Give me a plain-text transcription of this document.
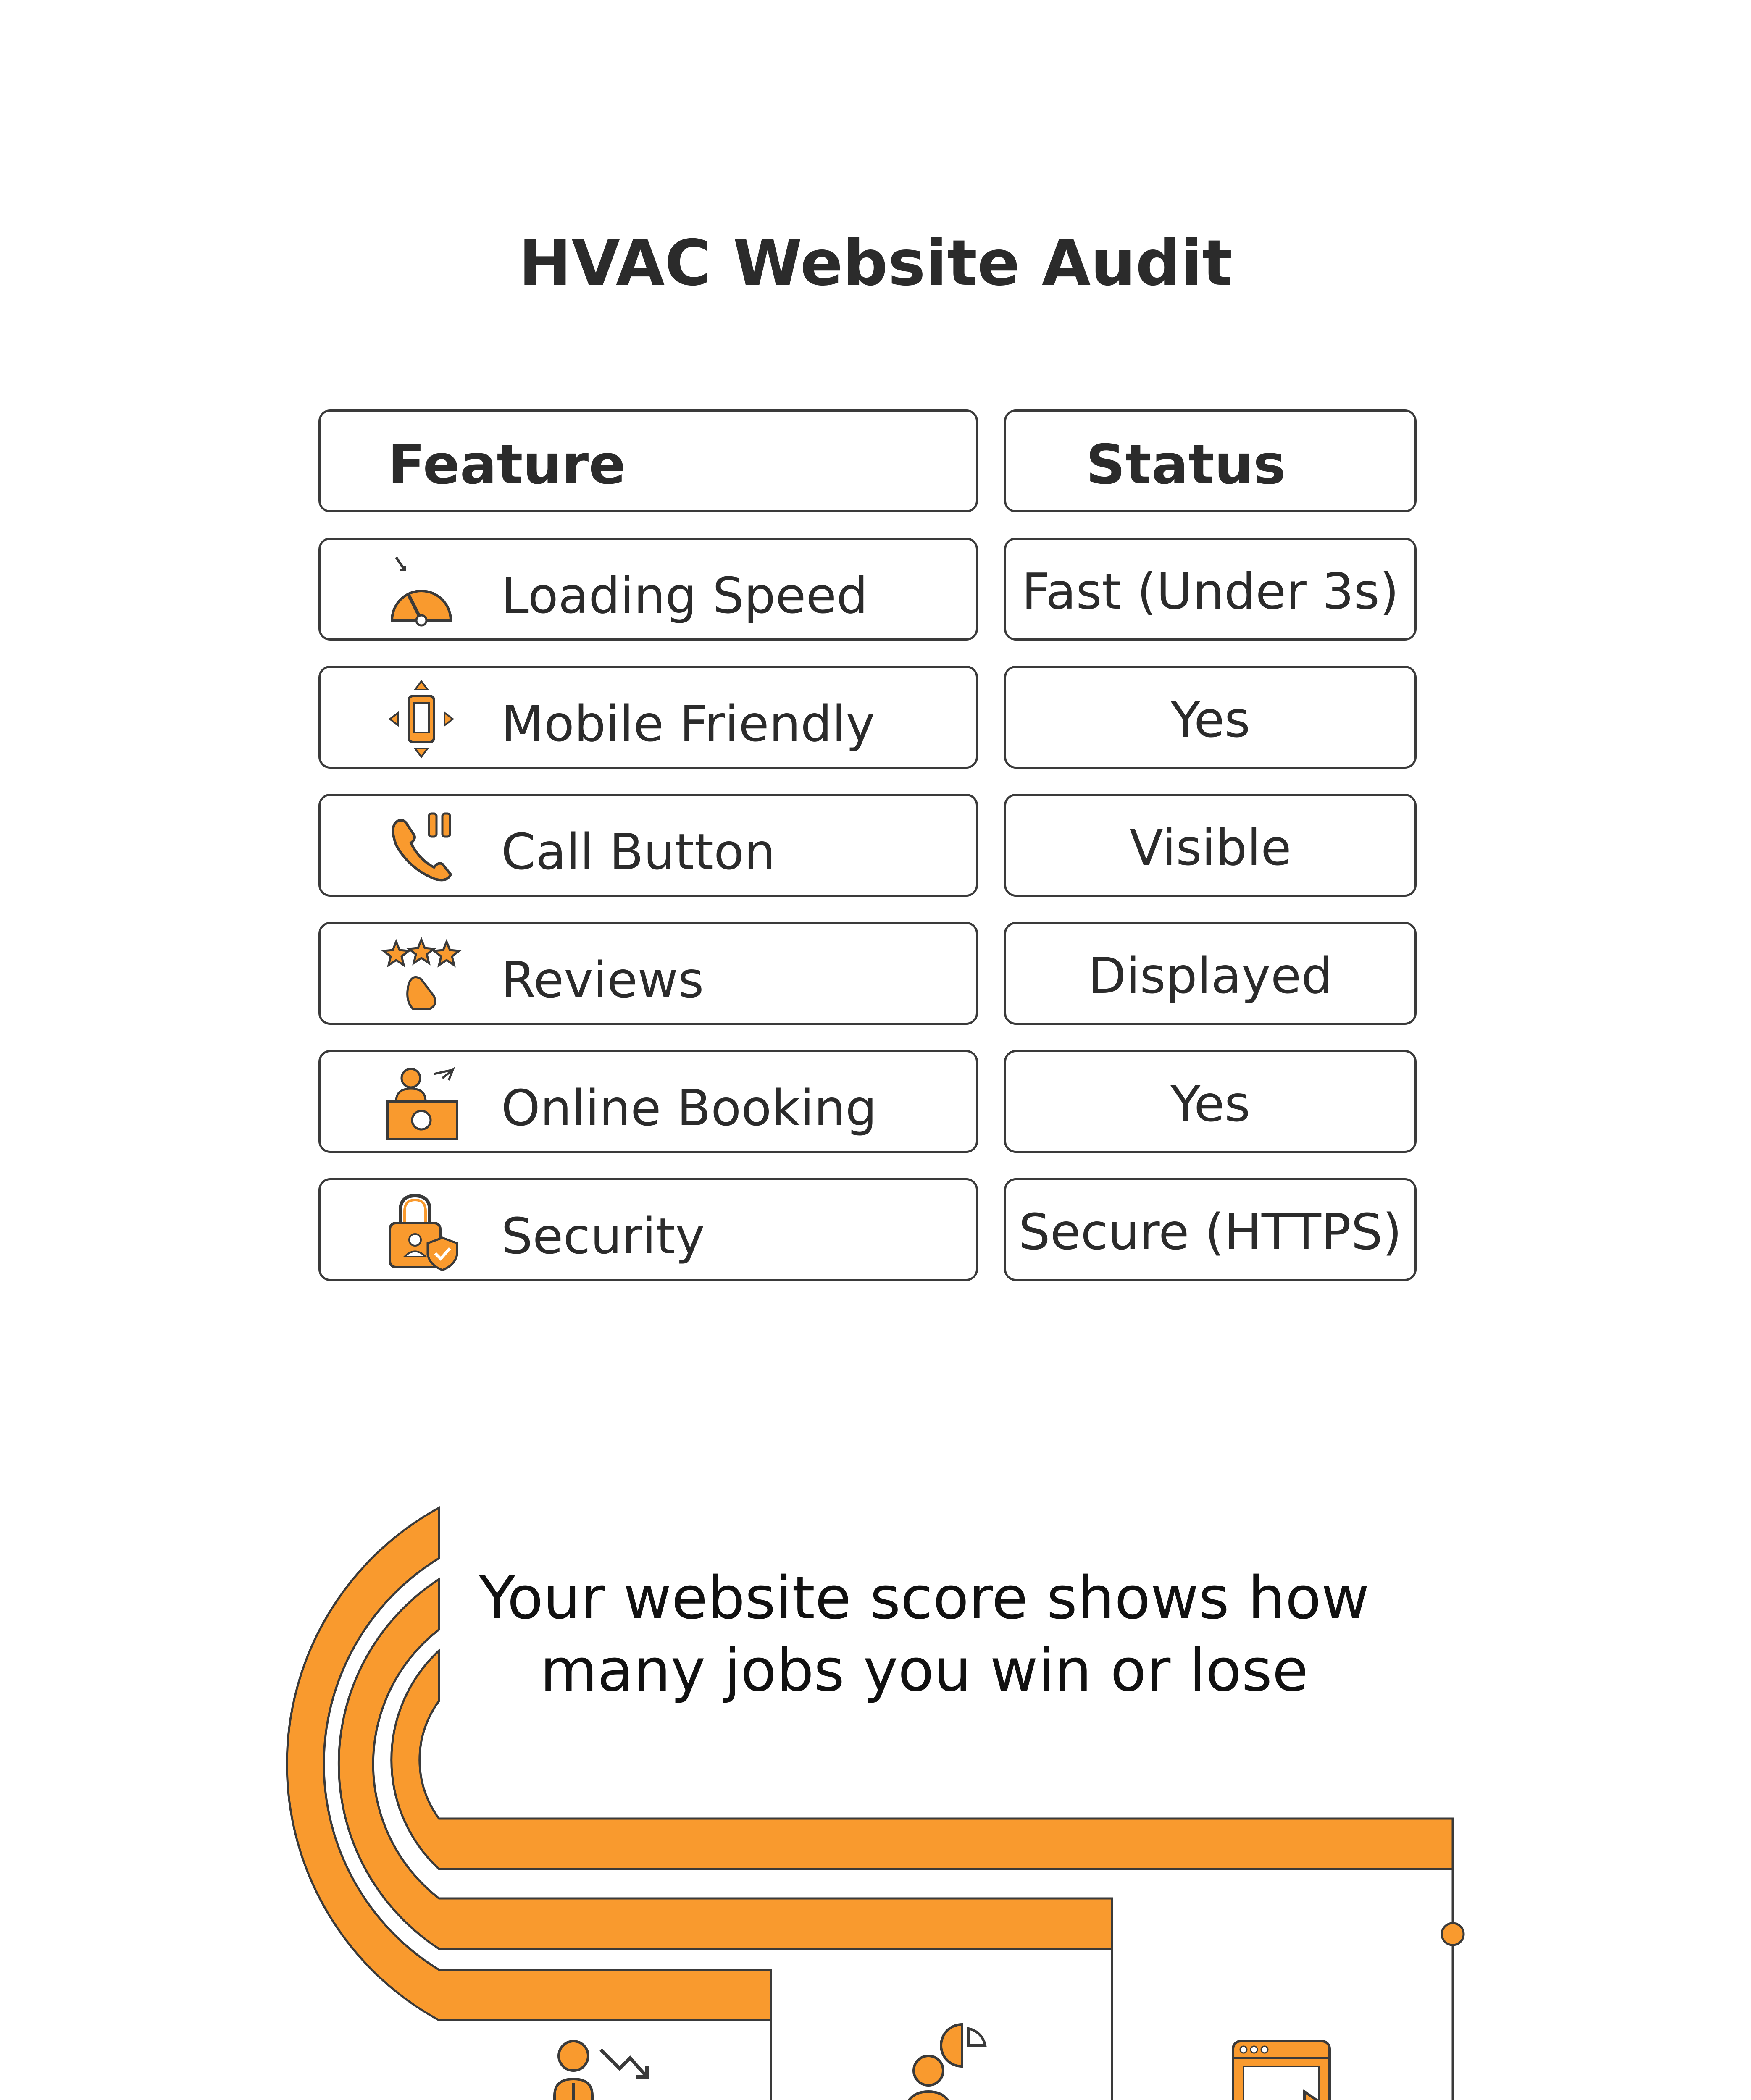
HVAC Website Audit
Feature	Status
Loading Speed	Fast (Under 3s)
Mobile Friendly	Yes
Call Button	Visible
Reviews	Displayed
Online Booking	Yes
Security	Secure (HTTPS)
Your website score shows how
many jobs you win or lose
